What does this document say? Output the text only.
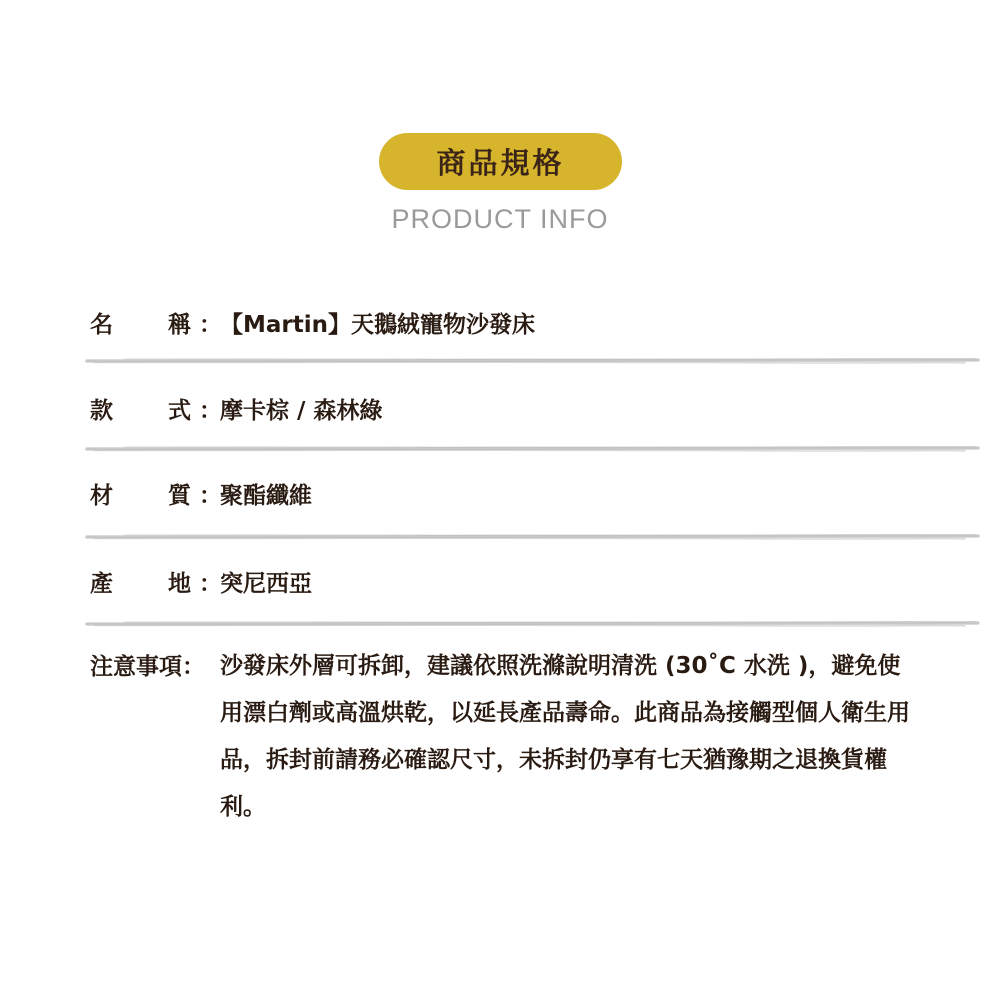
商品規格
PRODUCT INFO
名 稱 ：
【Martin】天鵝絨寵物沙發床
款 式 ：
摩卡棕 / 森林綠
材 質 ：
聚酯纖維
產 地 ：
突尼西亞
注意事項： 沙發床外層可拆卸，建議依照洗滌說明清洗 (30˚C 水洗 )，避免使用漂白劑或高溫烘乾，以延長產品壽命。此商品為接觸型個人衛生用品，拆封前請務必確認尺寸，未拆封仍享有七天猶豫期之退換貨權利。
